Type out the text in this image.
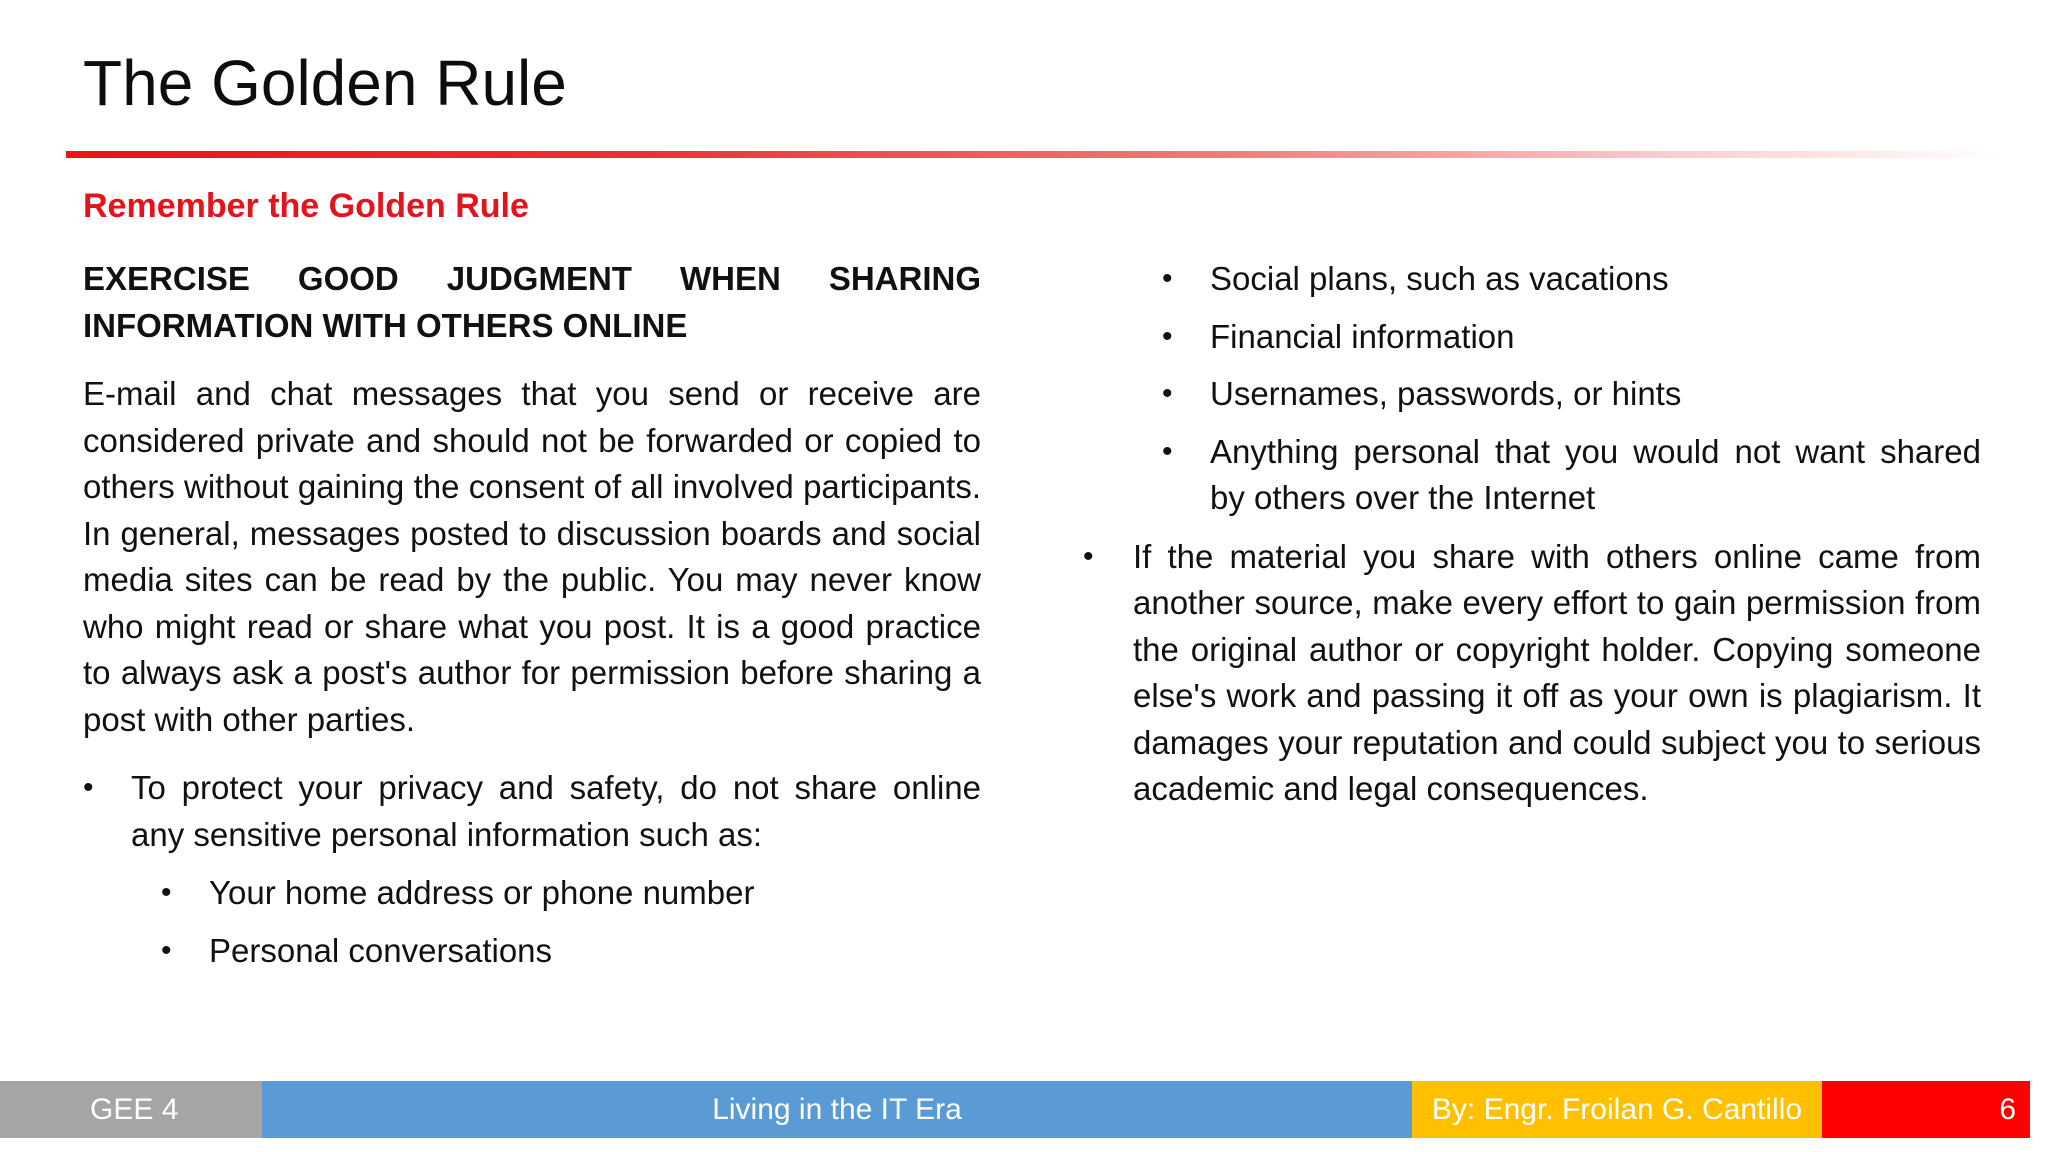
The Golden Rule
Remember the Golden Rule

EXERCISE GOOD JUDGMENT WHEN SHARING INFORMATION WITH OTHERS ONLINE

E-mail and chat messages that you send or receive are considered private and should not be forwarded or copied to others without gaining the consent of all involved participants. In general, messages posted to discussion boards and social media sites can be read by the public. You may never know who might read or share what you post. It is a good practice to always ask a post's author for permission before sharing a post with other parties.

• To protect your privacy and safety, do not share online any sensitive personal information such as:
• Your home address or phone number
• Personal conversations
• Social plans, such as vacations
• Financial information
• Usernames, passwords, or hints
• Anything personal that you would not want shared by others over the Internet
• If the material you share with others online came from another source, make every effort to gain permission from the original author or copyright holder. Copying someone else's work and passing it off as your own is plagiarism. It damages your reputation and could subject you to serious academic and legal consequences.
GEE 4	Living in the IT Era	By: Engr. Froilan G. Cantillo	6
